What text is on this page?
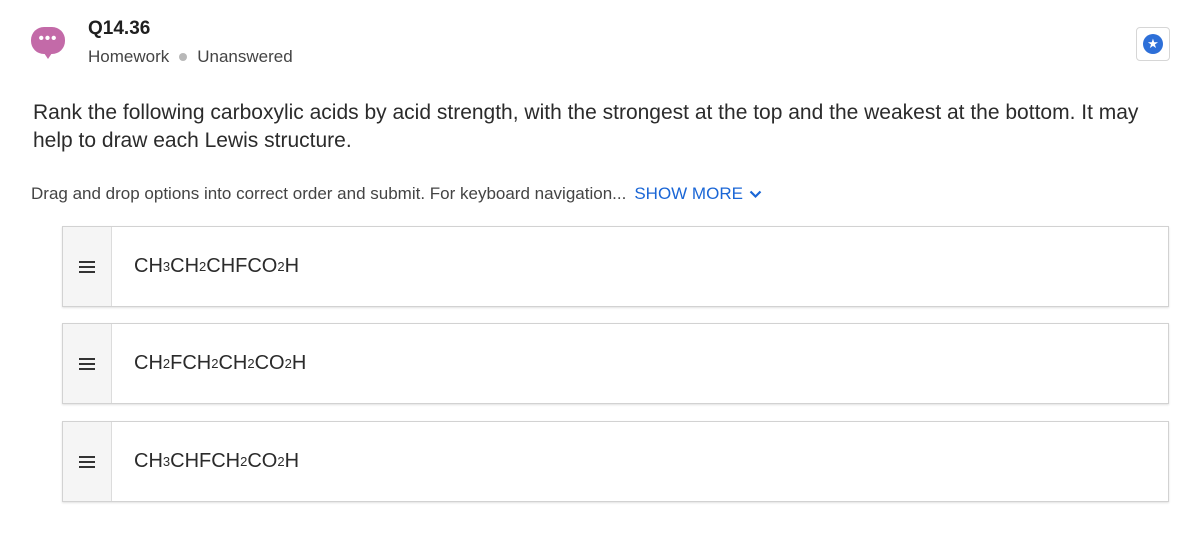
•••	Q14.36
Homework Unanswered
★
Rank the following carboxylic acids by acid strength, with the strongest at the top and the weakest at the bottom. It may help to draw each Lewis structure.
Drag and drop options into correct order and submit. For keyboard navigation... SHOW MORE
CH 3 CH 2 CHFCO 2 H
CH 2 FCH 2 CH 2 CO 2 H
CH 3 CHFCH 2 CO 2 H
